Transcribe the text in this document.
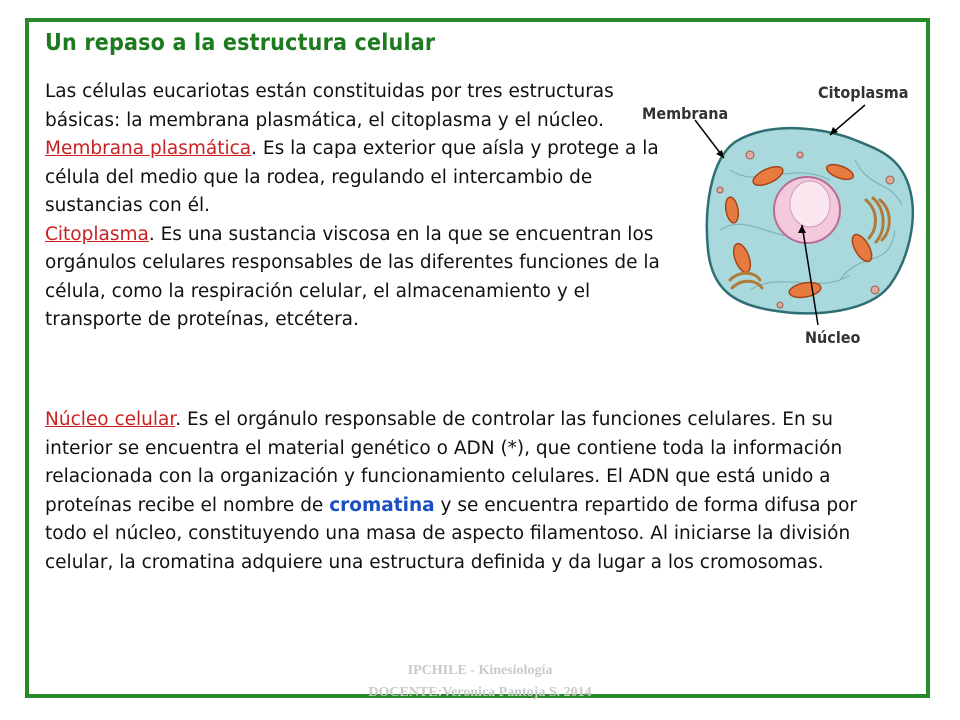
Un repaso a la estructura celular
Las células eucariotas están constituidas por tres estructuras básicas: la membrana plasmática, el citoplasma y el núcleo.
Membrana plasmática. Es la capa exterior que aísla y protege a la célula del medio que la rodea, regulando el intercambio de sustancias con él.
Citoplasma. Es una sustancia viscosa en la que se encuentran los orgánulos celulares responsables de las diferentes funciones de la célula, como la respiración celular, el almacenamiento y el transporte de proteínas, etcétera.
Núcleo celular. Es el orgánulo responsable de controlar las funciones celulares. En su interior se encuentra el material genético o ADN (*), que contiene toda la información relacionada con la organización y funcionamiento celulares. El ADN que está unido a proteínas recibe el nombre de cromatina y se encuentra repartido de forma difusa por todo el núcleo, constituyendo una masa de aspecto filamentoso. Al iniciarse la división celular, la cromatina adquiere una estructura definida y da lugar a los cromosomas.
Membrana
Citoplasma
Núcleo
IPCHILE - Kinesiología
DOCENTE:Veronica Pantoja S. 2014
